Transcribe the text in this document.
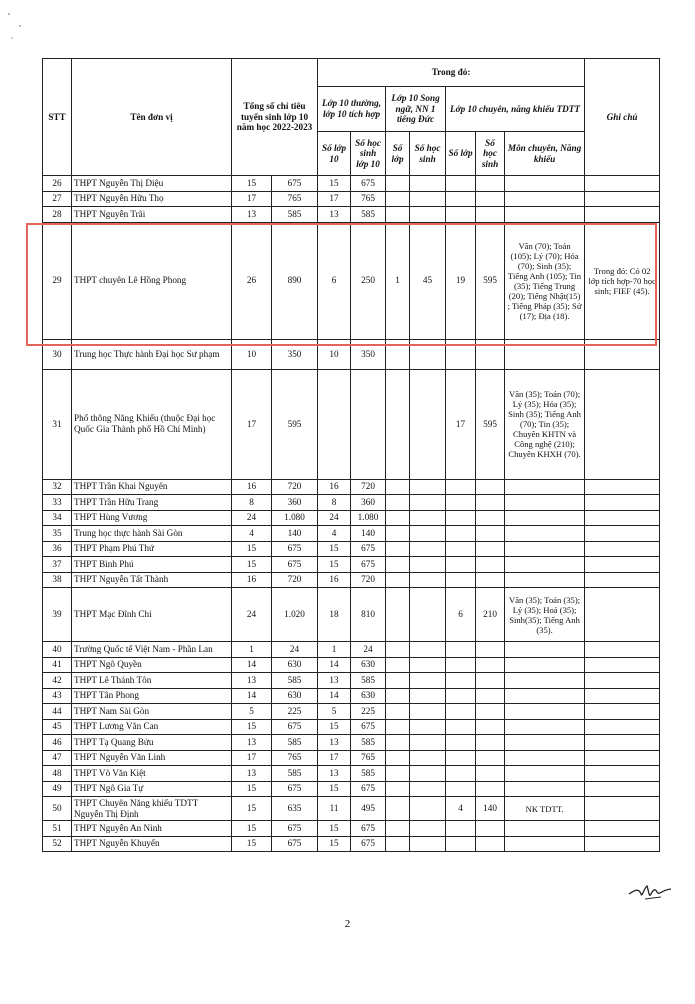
STT	Tên đơn vị	Tổng số chỉ tiêu tuyển sinh lớp 10 năm học 2022-2023		Trong đó:							Ghi chú
				Lớp 10 thường, lớp 10 tích hợp		Lớp 10 Song ngữ, NN 1 tiếng Đức		Lớp 10 chuyên, năng khiếu TDTT			
				Số lớp 10	Số học sinh lớp 10	Số lớp	Số học sinh	Số lớp	Số học sinh	Môn chuyên, Năng khiếu	
26	THPT Nguyễn Thị Diệu	15	675	15	675						
27	THPT Nguyễn Hữu Thọ	17	765	17	765						
28	THPT Nguyễn Trãi	13	585	13	585						
29	THPT chuyên Lê Hồng Phong	26	890	6	250	1	45	19	595	Văn (70); Toán (105); Lý (70); Hóa (70); Sinh (35); Tiếng Anh (105); Tin (35); Tiếng Trung (20); Tiếng Nhật(15) ; Tiếng Pháp (35); Sử (17); Địa (18).	Trong đó: Có 02 lớp tích hợp-70 học sinh; FIEF (45).
30	Trung học Thực hành Đại học Sư phạm	10	350	10	350						
31	Phổ thông Năng Khiếu (thuộc Đại học Quốc Gia Thành phố Hồ Chí Minh)	17	595					17	595	Văn (35); Toán (70); Lý (35); Hóa (35); Sinh (35); Tiếng Anh (70); Tin (35); Chuyên KHTN và Công nghệ (210); Chuyên KHXH (70).	
32	THPT Trần Khai Nguyên	16	720	16	720						
33	THPT Trần Hữu Trang	8	360	8	360						
34	THPT Hùng Vương	24	1.080	24	1.080						
35	Trung học thực hành Sài Gòn	4	140	4	140						
36	THPT Phạm Phú Thứ	15	675	15	675						
37	THPT Bình Phú	15	675	15	675						
38	THPT Nguyễn Tất Thành	16	720	16	720						
39	THPT Mạc Đĩnh Chi	24	1.020	18	810			6	210	Văn (35); Toán (35); Lý (35); Hoá (35); Sinh(35); Tiếng Anh (35).	
40	Trường Quốc tế Việt Nam - Phần Lan	1	24	1	24						
41	THPT Ngô Quyền	14	630	14	630						
42	THPT Lê Thánh Tôn	13	585	13	585						
43	THPT Tân Phong	14	630	14	630						
44	THPT Nam Sài Gòn	5	225	5	225						
45	THPT Lương Văn Can	15	675	15	675						
46	THPT Tạ Quang Bửu	13	585	13	585						
47	THPT Nguyễn Văn Linh	17	765	17	765						
48	THPT Võ Văn Kiệt	13	585	13	585						
49	THPT Ngô Gia Tự	15	675	15	675						
50	THPT Chuyên Năng khiếu TDTT Nguyễn Thị Định	15	635	11	495			4	140	NK TDTT.	
51	THPT Nguyễn An Ninh	15	675	15	675						
52	THPT Nguyễn Khuyến	15	675	15	675						
2
